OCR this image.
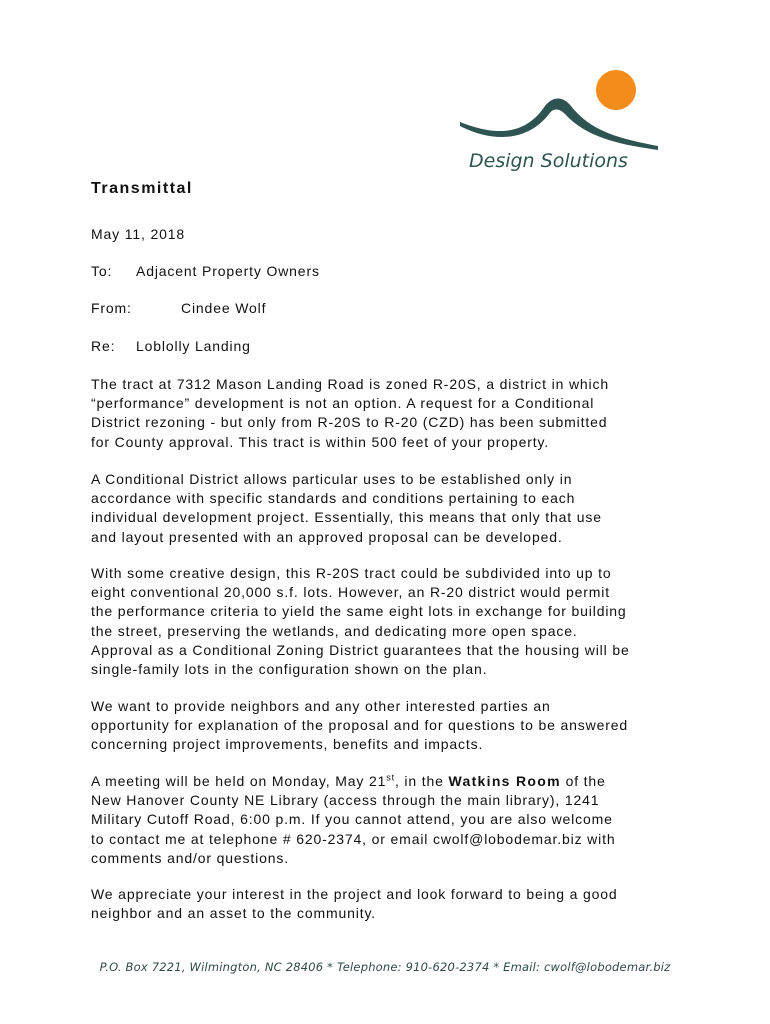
Design Solutions
Transmittal
May 11, 2018
To: Adjacent Property Owners
From:	Cindee Wolf
Re: Loblolly Landing
The tract at 7312 Mason Landing Road is zoned R-20S, a district in which
“performance” development is not an option. A request for a Conditional
District rezoning - but only from R-20S to R-20 (CZD) has been submitted
for County approval. This tract is within 500 feet of your property.
A Conditional District allows particular uses to be established only in
accordance with specific standards and conditions pertaining to each
individual development project. Essentially, this means that only that use
and layout presented with an approved proposal can be developed.
With some creative design, this R-20S tract could be subdivided into up to
eight conventional 20,000 s.f. lots. However, an R-20 district would permit
the performance criteria to yield the same eight lots in exchange for building
the street, preserving the wetlands, and dedicating more open space.
Approval as a Conditional Zoning District guarantees that the housing will be
single-family lots in the configuration shown on the plan.
We want to provide neighbors and any other interested parties an
opportunity for explanation of the proposal and for questions to be answered
concerning project improvements, benefits and impacts.
A meeting will be held on Monday, May 21st, in the Watkins Room of the
New Hanover County NE Library (access through the main library), 1241
Military Cutoff Road, 6:00 p.m. If you cannot attend, you are also welcome
to contact me at telephone # 620-2374, or email cwolf@lobodemar.biz with
comments and/or questions.
We appreciate your interest in the project and look forward to being a good
neighbor and an asset to the community.
P.O. Box 7221, Wilmington, NC 28406 * Telephone: 910-620-2374 * Email: cwolf@lobodemar.biz
